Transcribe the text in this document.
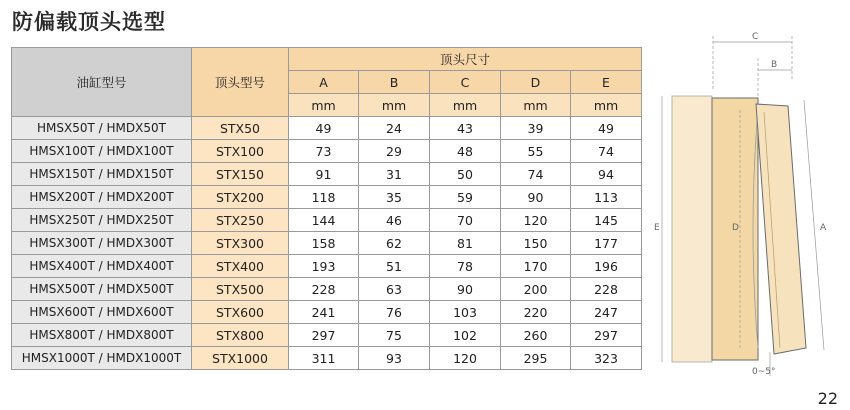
防偏载顶头选型
油缸型号	顶头型号	顶头尺寸				
		A	B	C	D	E
		mm	mm	mm	mm	mm
HMSX50T / HMDX50T	STX50	49	24	43	39	49
HMSX100T / HMDX100T	STX100	73	29	48	55	74
HMSX150T / HMDX150T	STX150	91	31	50	74	94
HMSX200T / HMDX200T	STX200	118	35	59	90	113
HMSX250T / HMDX250T	STX250	144	46	70	120	145
HMSX300T / HMDX300T	STX300	158	62	81	150	177
HMSX400T / HMDX400T	STX400	193	51	78	170	196
HMSX500T / HMDX500T	STX500	228	63	90	200	228
HMSX600T / HMDX600T	STX600	241	76	103	220	247
HMSX800T / HMDX800T	STX800	297	75	102	260	297
HMSX1000T / HMDX1000T	STX1000	311	93	120	295	323
C
B
E	D	A
0~5°
22
